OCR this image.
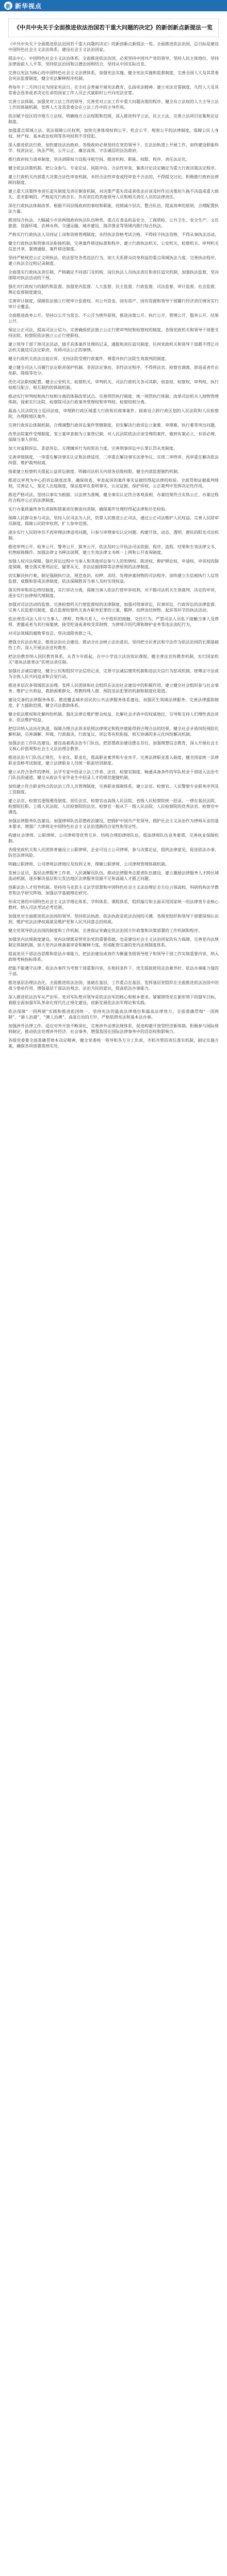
新 新华视点
《中共中央关于全面推进依法治国若干重大问题的决定》的新创新点新提法一览

《中共中央关于全面推进依法治国若干重大问题的决定》的新创新点新提法一览。全面推进依法治国，总目标是建设中国特色社会主义法治体系，建设社会主义法治国家。

提法中心：中国特色社会主义法治体系。全面推进依法治国，必须坚持中国共产党的领导，坚持人民主体地位，坚持法律面前人人平等，坚持依法治国和以德治国相结合，坚持从中国实际出发。

完善以宪法为核心的中国特色社会主义法律体系，加强宪法实施。健全宪法实施和监督制度，完善全国人大及其常委会宪法监督制度，健全宪法解释程序机制。

将每年十二月四日定为国家宪法日。在全社会普遍开展宪法教育，弘扬宪法精神。建立宪法宣誓制度，凡经人大及其常委会选举或者决定任命的国家工作人员正式就职时公开向宪法宣誓。

完善立法体制。加强党对立法工作的领导，完善党对立法工作中重大问题决策的程序。健全有立法权的人大主导立法工作的体制机制，发挥人大及其常委会在立法工作中的主导作用。

依法赋予设区的市地方立法权。明确地方立法权限和范围，深入推进科学立法、民主立法，完善立法项目征集和论证制度。

加强重点领域立法。依法保障公民权利，加快完善体现权利公平、机会公平、规则公平的法律制度，保障公民人身权、财产权、基本政治权利等各项权利不受侵犯。

深入推进依法行政，加快建设法治政府。各级政府必须坚持在党的领导下、在法治轨道上开展工作，加快建设职能科学、权责法定、执法严明、公开公正、廉洁高效、守法诚信的法治政府。

推行政府权力清单制度，坚决消除权力设租寻租空间。推进机构、职能、权限、程序、责任法定化。

健全依法决策机制。把公众参与、专家论证、风险评估、合法性审查、集体讨论决定确定为重大行政决策法定程序。

建立行政机关内部重大决策合法性审查机制，未经合法性审查或经审查不合法的，不得提交讨论。积极推行政府法律顾问制度。

建立重大决策终身责任追究制度及责任倒查机制，对决策严重失误或者依法应该及时作出决策但久拖不决造成重大损失、恶劣影响的，严格追究行政首长、负有责任的其他领导人员和相关责任人员的法律责任。

深化行政执法体制改革。根据不同层级政府的事权和职能，按照减少层次、整合队伍、提高效率的原则，合理配置执法力量。

推进综合执法，大幅减少市县两级政府执法队伍种类，重点在食品药品安全、工商质检、公共卫生、安全生产、文化旅游、资源环境、农林水利、交通运输、城乡建设、海洋渔业等领域内推行综合执法。

严格实行行政执法人员持证上岗和资格管理制度，未经执法资格考试合格，不得授予执法资格，不得从事执法活动。

健全行政执法和刑事司法衔接机制，完善案件移送标准和程序，建立行政执法机关、公安机关、检察机关、审判机关信息共享、案情通报、案件移送制度。

坚持严格规范公正文明执法。依法惩处各类违法行为，加大关系群众切身利益的重点领域执法力度。完善执法程序，建立执法全过程记录制度。

全面落实行政执法责任制，严格确定不同部门及机构、岗位执法人员执法责任和责任追究机制，加强执法监督，坚决排除对执法活动的干预。

强化对行政权力的制约和监督。加强党内监督、人大监督、民主监督、行政监督、司法监督、审计监督、社会监督、舆论监督制度建设。

完善审计制度，保障依法独立行使审计监督权。对公共资金、国有资产、国有资源和领导干部履行经济责任情况实行审计全覆盖。

全面推进政务公开。坚持以公开为常态、不公开为例外原则，推进决策公开、执行公开、管理公开、服务公开、结果公开。

保证公正司法，提高司法公信力。完善确保依法独立公正行使审判权和检察权的制度。各级党政机关和领导干部要支持法院、检察院依法独立公正行使职权。

建立领导干部干预司法活动、插手具体案件处理的记录、通报和责任追究制度。任何党政机关和领导干部都不得让司法机关做违反法定职责、有碍司法公正的事情。

健全行政机关依法出庭应诉、支持法院受理行政案件、尊重并执行法院生效裁判的制度。

建立健全司法人员履行法定职责保护机制。非因法定事由，非经法定程序，不得将法官、检察官调离、辞退或者作出免职、降级等处分。

优化司法职权配置。健全公安机关、检察机关、审判机关、司法行政机关各司其职，侦查权、检察权、审判权、执行权相互配合、相互制约的体制机制。

推动实行审判权和执行权相分离的体制改革试点。完善刑罚执行制度，统一刑罚执行体制。改革司法机关人财物管理体制，探索实行法院、检察院司法行政事务管理权和审判权、检察权相分离。

最高人民法院设立巡回法庭，审理跨行政区域重大行政和民商事案件。探索设立跨行政区划的人民法院和人民检察院，办理跨地区案件。

完善行政诉讼体制机制，合理调整行政诉讼案件管辖制度，切实解决行政诉讼立案难、审理难、执行难等突出问题。

改革法院案件受理制度，变立案审查制为立案登记制，对人民法院依法应该受理的案件，做到有案必立、有诉必理，保障当事人诉权。

加大对虚假诉讼、恶意诉讼、无理缠诉行为的惩治力度。完善刑事诉讼中认罪认罚从宽制度。

完善审级制度，一审重在解决事实认定和法律适用，二审重在解决事实法律争议、实现二审终审，再审重在解决依法纠错、维护裁判权威。

探索建立检察机关提起公益诉讼制度。明确司法机关内部各层级权限，健全内部监督制约机制。

推进以审判为中心的诉讼制度改革，确保侦查、审查起诉的案件事实证据经得起法律的检验。全面贯彻证据裁判规则，完善证人、鉴定人出庭制度，保证庭审在查明事实、认定证据、保护诉权、公正裁判中发挥决定性作用。

推进严格司法。坚持以事实为根据、以法律为准绳，健全事实认定符合客观真相、办案结果符合实体公正、办案过程符合程序公正的法律制度。

实行办案质量终身负责制和错案责任倒查问责制，确保案件处理经得起法律和历史检验。

保障人民群众参与司法。坚持人民司法为人民，依靠人民推进公正司法，通过公正司法维护人民权益。完善人民陪审员制度，保障公民陪审权利，扩大参审范围。

逐步实行人民陪审员不再审理法律适用问题，只参与审理事实认定问题。构建开放、动态、透明、便民的阳光司法机制。

推进审判公开、检务公开、警务公开、狱务公开，依法及时公开执法司法依据、程序、流程、结果和生效法律文书，杜绝暗箱操作。加强法律文书释法说理，建立生效法律文书统一上网和公开查询制度。

加强人权司法保障。强化诉讼过程中当事人和其他诉讼参与人的知情权、陈述权、辩护辩论权、申请权、申诉权的制度保障。健全落实罪刑法定、疑罪从无、非法证据排除等法律原则的法律制度。

切实解决执行难，制定强制执行法，规范查封、扣押、冻结、处理涉案财物的司法程序。加快建立失信被执行人信用监督、威慑和惩戒法律制度，依法保障胜诉当事人及时实现权益。

落实终审和诉讼终结制度，实行诉访分离，保障当事人依法行使申诉权利。对不服司法机关生效裁判、决定的申诉，逐步实行由律师代理制度。

加强对司法活动的监督。完善检察机关行使监督权的法律制度，加强对刑事诉讼、民事诉讼、行政诉讼的法律监督。完善人民监督员制度，重点监督检察机关查办职务犯罪的立案、羁押、扣押冻结财物、起诉等环节的执法活动。

依法规范司法人员与当事人、律师、特殊关系人、中介组织的接触、交往行为。严禁司法人员私下接触当事人及律师、泄露或者为其打探案情、接受吃请或者收受其财物、为律师介绍代理和辩护业务等违法违纪行为。

对司法领域的腐败零容忍，坚决清除害群之马。

增强全民法治观念，推进法治社会建设。推动全社会树立法治意识。坚持把全民普法和守法作为依法治国的长期基础性工作，深入开展法治宣传教育。

把法治教育纳入国民教育体系，从青少年抓起，在中小学设立法治知识课程。健全普法宣传教育机制，实行国家机关“谁执法谁普法”的普法责任制。

加强社会诚信建设，健全公民和组织守法信用记录，完善守法诚信褒奖机制和违法失信行为惩戒机制，使尊法守法成为全体人民共同追求和自觉行动。

推进多层次多领域依法治理。发挥人民团体和社会组织在法治社会建设中的积极作用。建立健全社会组织参与社会事务、维护公共利益、救助困难群众、帮教特殊人群、预防违法犯罪的机制和制度化渠道。

建设完备的法律服务体系。推进覆盖城乡居民的公共法律服务体系建设，加强民生领域法律服务。完善法律援助制度，扩大援助范围，健全司法救助体系。

健全依法维权和化解纠纷机制。强化法律在维护群众权益、化解社会矛盾中的权威地位，引导和支持人们理性表达诉求、依法维护权益。

把信访纳入法治化轨道，保障合理合法诉求依照法律规定和程序就能得到合理合法的结果。健全社会矛盾纠纷预防化解机制，完善调解、仲裁、行政裁决、行政复议、诉讼等有机衔接、相互协调的多元化纠纷解决机制。

加强法治工作队伍建设。建设高素质法治专门队伍。把思想政治建设摆在首位，加强理想信念教育，深入开展社会主义核心价值观和社会主义法治理念教育。

推进法治专门队伍正规化、专业化、职业化，提高职业素养和专业水平。完善法律职业准入制度，健全国家统一法律职业资格考试制度，建立法律职业人员统一职前培训制度。

建立从符合条件的律师、法学专家中招录立法工作者、法官、检察官制度，畅通具备条件的军队转业干部进入法治专门队伍的通道，健全从政法专业毕业生中招录人才的规范便捷机制。

加快建立符合职业特点的法治工作人员管理制度，完善职业保障体系，建立法官、检察官、人民警察专业职务序列及工资制度。

建立法官、检察官逐级遴选制度。初任法官、检察官由高级人民法院、省级人民检察院统一招录，一律在基层法院、检察院任职。上级人民法院、人民检察院的法官、检察官一般从下一级人民法院、人民检察院的优秀法官、检察官中遴选。

加强法律服务队伍建设。加强律师队伍思想政治建设，把拥护中国共产党领导、拥护社会主义法治作为律师从业的基本要求，增强广大律师走中国特色社会主义法治道路的自觉性和坚定性。

构建社会律师、公职律师、公司律师等优势互补、结构合理的律师队伍。提高律师队伍业务素质，完善执业保障机制。

各级党政机关和人民团体普遍设立公职律师，企业可设立公司律师，参与决策论证，提供法律意见，促进依法办事，防范法律风险。

明确公职律师、公司律师法律地位及权利义务，理顺公职律师、公司律师管理体制机制。

发展公证员、基层法律服务工作者、人民调解员队伍。推动法律服务志愿者队伍建设。建立激励法律服务人才跨区域流动机制，逐步解决基层和欠发达地区法律服务资源不足和高端人才匮乏问题。

创新法治人才培养机制。坚持用马克思主义法学思想和中国特色社会主义法治理论全方位占领高校、科研机构法学教育和法学研究阵地，加强法学基础理论研究。

形成完善的中国特色社会主义法学理论体系、学科体系、课程体系，组织编写和全面采用国家统一的法律类专业核心教材，纳入司法考试必考范围。

加强党对全面推进依法治国的领导。坚持依法执政。依法执政是依法治国的关键。各级党组织和领导干部要深刻认识到，维护宪法法律权威就是维护党和人民共同意志的权威。

健全党领导依法治国的制度和工作机制，完善保证党确定依法治国方针政策和决策部署的工作机制和程序。

加强党内法规制度建设。党内法规既是管党治党的重要依据，也是建设社会主义法治国家的有力保障。完善党内法规制定体制机制，加大党内法规备案审查和解释力度，形成配套完备的党内法规制度体系。

提高党员干部法治思维和依法办事能力。把法治建设成效作为衡量各级领导班子和领导干部工作实绩重要内容，纳入政绩考核指标体系。

把能不能遵守法律、依法办事作为考察干部重要内容，在相同条件下，优先提拔使用法治素养好、依法办事能力强的干部。

推进基层治理法治化。全面推进依法治国，基础在基层，工作重点在基层。发挥基层党组织在全面推进依法治国中的战斗堡垒作用，增强基层干部法治观念、法治为民的意识，提高依法办事能力。

深入推进依法治军从严治军。党对军队绝对领导是依法治军的核心和根本要求。紧紧围绕党在新形势下的强军目标，着眼全面加强军队革命化现代化正规化建设，创新发展依法治军理论和实践。

依法保障“一国两制”实践和推进祖国统一。坚持宪法的最高法律地位和最高法律效力，全面准确贯彻“一国两制”、“港人治港”、“澳人治澳”、高度自治的方针，严格依照宪法和基本法办事。

加强涉外法律工作。适应对外开放不断深化，完善涉外法律法规体系，促进构建开放型经济新体制。积极参与国际规则制定，推动依法处理涉外经济、社会事务，增强我国在国际法律事务中的话语权和影响力。

各级党委要全面准确贯彻本决定精神，健全党委统一领导和各方分工负责、齐抓共管的责任落实机制，制定实施方案，确保各项部署落到实处。
